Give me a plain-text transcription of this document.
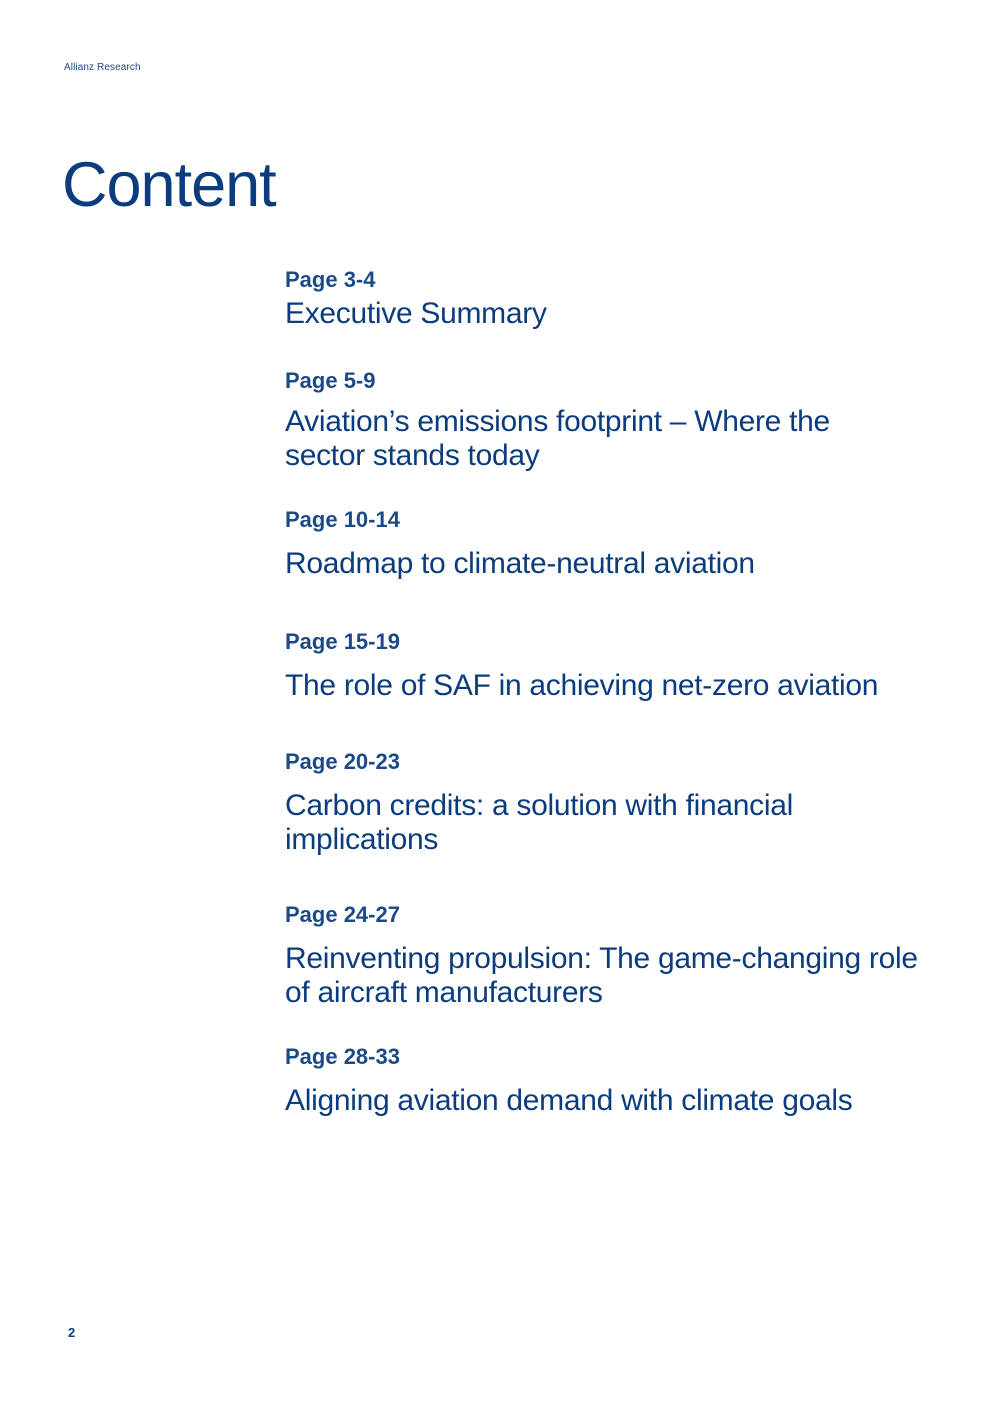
Allianz Research
Content
Page 3-4
Executive Summary
Page 5-9
Aviation’s emissions footprint – Where the sector stands today
Page 10-14
Roadmap to climate-neutral aviation
Page 15-19
The role of SAF in achieving net-zero aviation
Page 20-23
Carbon credits: a solution with financial implications
Page 24-27
Reinventing propulsion: The game-changing role of aircraft manufacturers
Page 28-33
Aligning aviation demand with climate goals
2
